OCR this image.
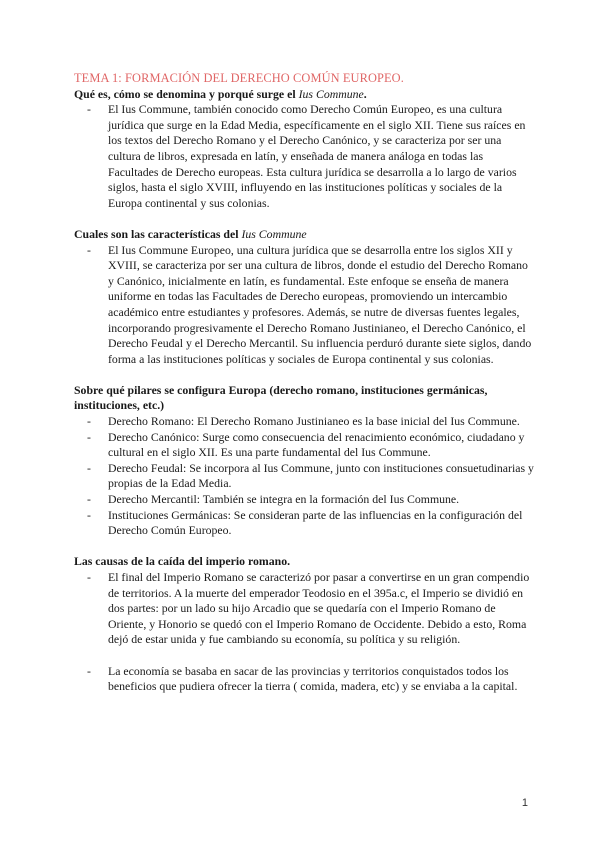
TEMA 1: FORMACIÓN DEL DERECHO COMÚN EUROPEO.

Qué es, cómo se denomina y porqué surge el Ius Commune.

- El Ius Commune, también conocido como Derecho Común Europeo, es una cultura jurídica que surge en la Edad Media, específicamente en el siglo XII. Tiene sus raíces en los textos del Derecho Romano y el Derecho Canónico, y se caracteriza por ser una cultura de libros, expresada en latín, y enseñada de manera análoga en todas las Facultades de Derecho europeas. Esta cultura jurídica se desarrolla a lo largo de varios siglos, hasta el siglo XVIII, influyendo en las instituciones políticas y sociales de la Europa continental y sus colonias.

Cuales son las características del Ius Commune

- El Ius Commune Europeo, una cultura jurídica que se desarrolla entre los siglos XII y XVIII, se caracteriza por ser una cultura de libros, donde el estudio del Derecho Romano y Canónico, inicialmente en latín, es fundamental. Este enfoque se enseña de manera uniforme en todas las Facultades de Derecho europeas, promoviendo un intercambio académico entre estudiantes y profesores. Además, se nutre de diversas fuentes legales, incorporando progresivamente el Derecho Romano Justinianeo, el Derecho Canónico, el Derecho Feudal y el Derecho Mercantil. Su influencia perduró durante siete siglos, dando forma a las instituciones políticas y sociales de Europa continental y sus colonias.

Sobre qué pilares se configura Europa (derecho romano, instituciones germánicas, instituciones, etc.)

- Derecho Romano: El Derecho Romano Justinianeo es la base inicial del Ius Commune.
- Derecho Canónico: Surge como consecuencia del renacimiento económico, ciudadano y cultural en el siglo XII. Es una parte fundamental del Ius Commune.
- Derecho Feudal: Se incorpora al Ius Commune, junto con instituciones consuetudinarias y propias de la Edad Media.
- Derecho Mercantil: También se integra en la formación del Ius Commune.
- Instituciones Germánicas: Se consideran parte de las influencias en la configuración del Derecho Común Europeo.

Las causas de la caída del imperio romano.

- El final del Imperio Romano se caracterizó por pasar a convertirse en un gran compendio de territorios. A la muerte del emperador Teodosio en el 395a.c, el Imperio se dividió en dos partes: por un lado su hijo Arcadio que se quedaría con el Imperio Romano de Oriente, y Honorio se quedó con el Imperio Romano de Occidente. Debido a esto, Roma dejó de estar unida y fue cambiando su economía, su política y su religión.
- La economía se basaba en sacar de las provincias y territorios conquistados todos los beneficios que pudiera ofrecer la tierra ( comida, madera, etc) y se enviaba a la capital.
1
